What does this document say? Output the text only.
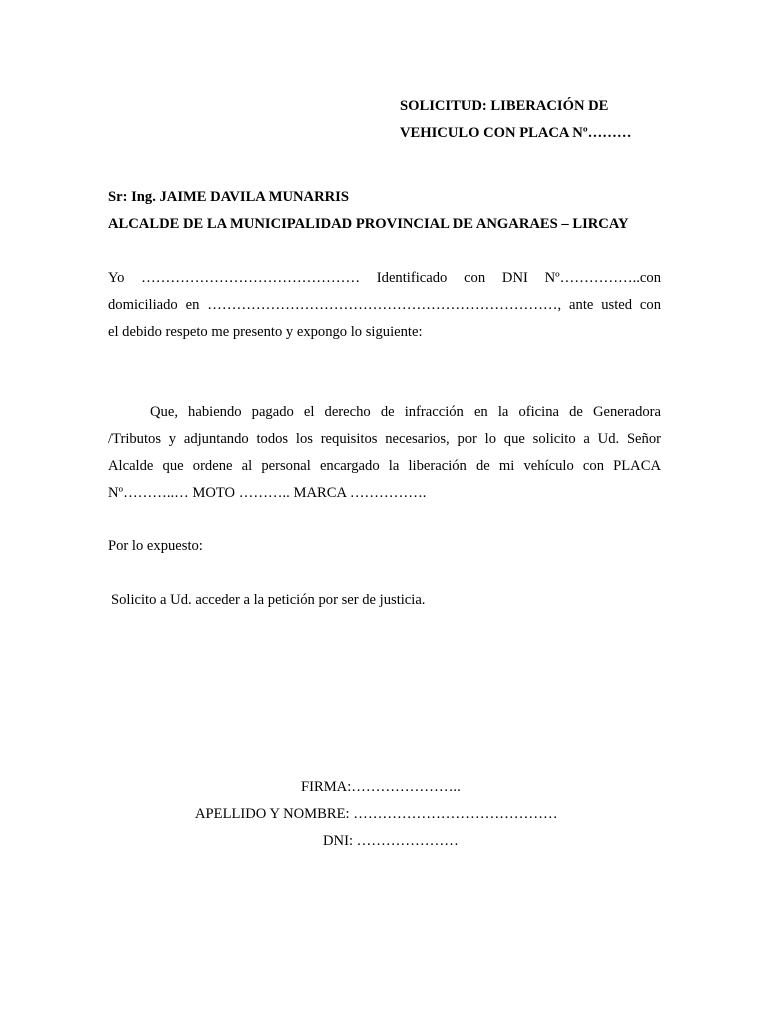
SOLICITUD: LIBERACIÓN DE
VEHICULO CON PLACA Nº………
Sr: Ing. JAIME DAVILA MUNARRIS
ALCALDE DE LA MUNICIPALIDAD PROVINCIAL DE ANGARAES – LIRCAY
Yo ……………………………………… Identificado con DNI Nº……………..con
domiciliado en ………………………………………………………………, ante usted con
el debido respeto me presento y expongo lo siguiente:
Que, habiendo pagado el derecho de infracción en la oficina de Generadora
/Tributos y adjuntando todos los requisitos necesarios, por lo que solicito a Ud. Señor
Alcalde que ordene al personal encargado la liberación de mi vehículo con PLACA
Nº………..… MOTO ……….. MARCA …………….
Por lo expuesto:
Solicito a Ud. acceder a la petición por ser de justicia.
FIRMA:…………………..
APELLIDO Y NOMBRE: ……………………………………
DNI: …………………
